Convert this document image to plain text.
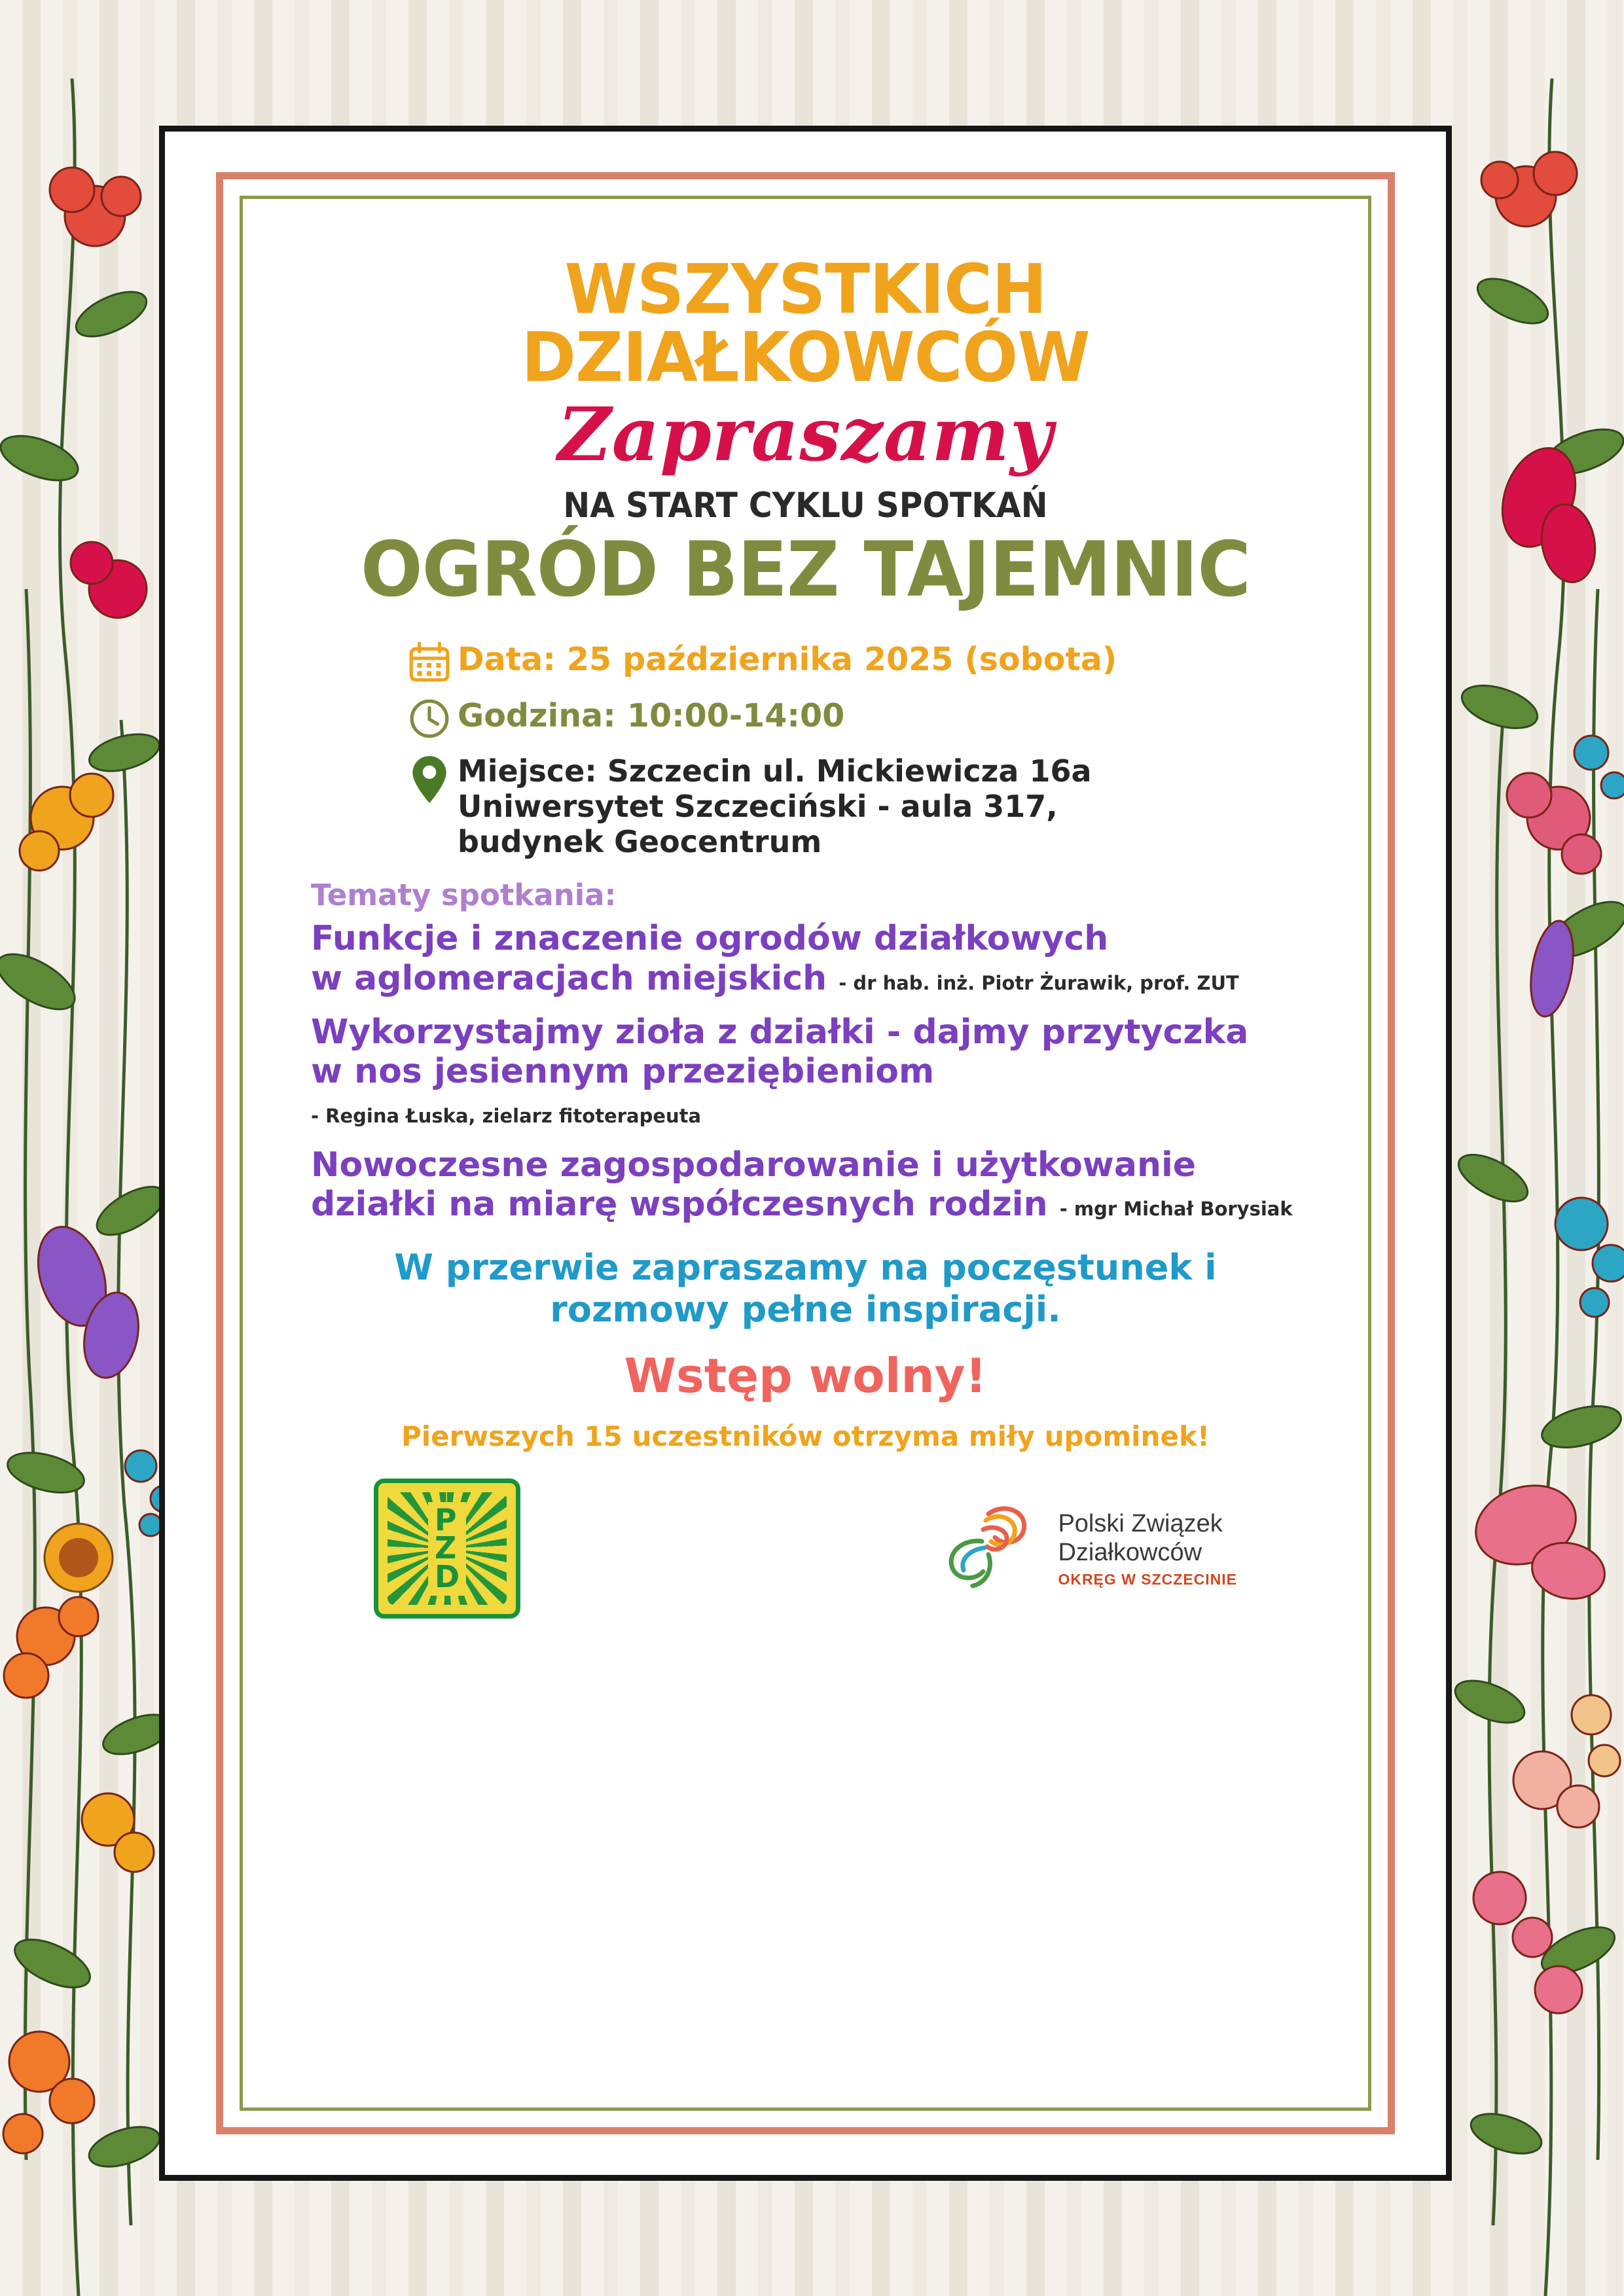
WSZYSTKICH DZIAŁKOWCÓW
Zapraszamy
NA START CYKLU SPOTKAŃ
OGRÓD BEZ TAJEMNIC
Data: 25 października 2025 (sobota)
Godzina: 10:00-14:00
Miejsce: Szczecin ul. Mickiewicza 16a
Uniwersytet Szczeciński - aula 317,
budynek Geocentrum
Tematy spotkania:
Funkcje i znaczenie ogrodów działkowych
w aglomeracjach miejskich - dr hab. inż. Piotr Żurawik, prof. ZUT
Wykorzystajmy zioła z działki - dajmy przytyczka
w nos jesiennym przeziębieniom - Regina Łuska, zielarz fitoterapeuta
Nowoczesne zagospodarowanie i użytkowanie
działki na miarę współczesnych rodzin - mgr Michał Borysiak
W przerwie zapraszamy na poczęstunek i
rozmowy pełne inspiracji.
Wstęp wolny!
Pierwszych 15 uczestników otrzyma miły upominek!
P
Z
D
Polski Związek
Działkowców
OKRĘG W SZCZECINIE
